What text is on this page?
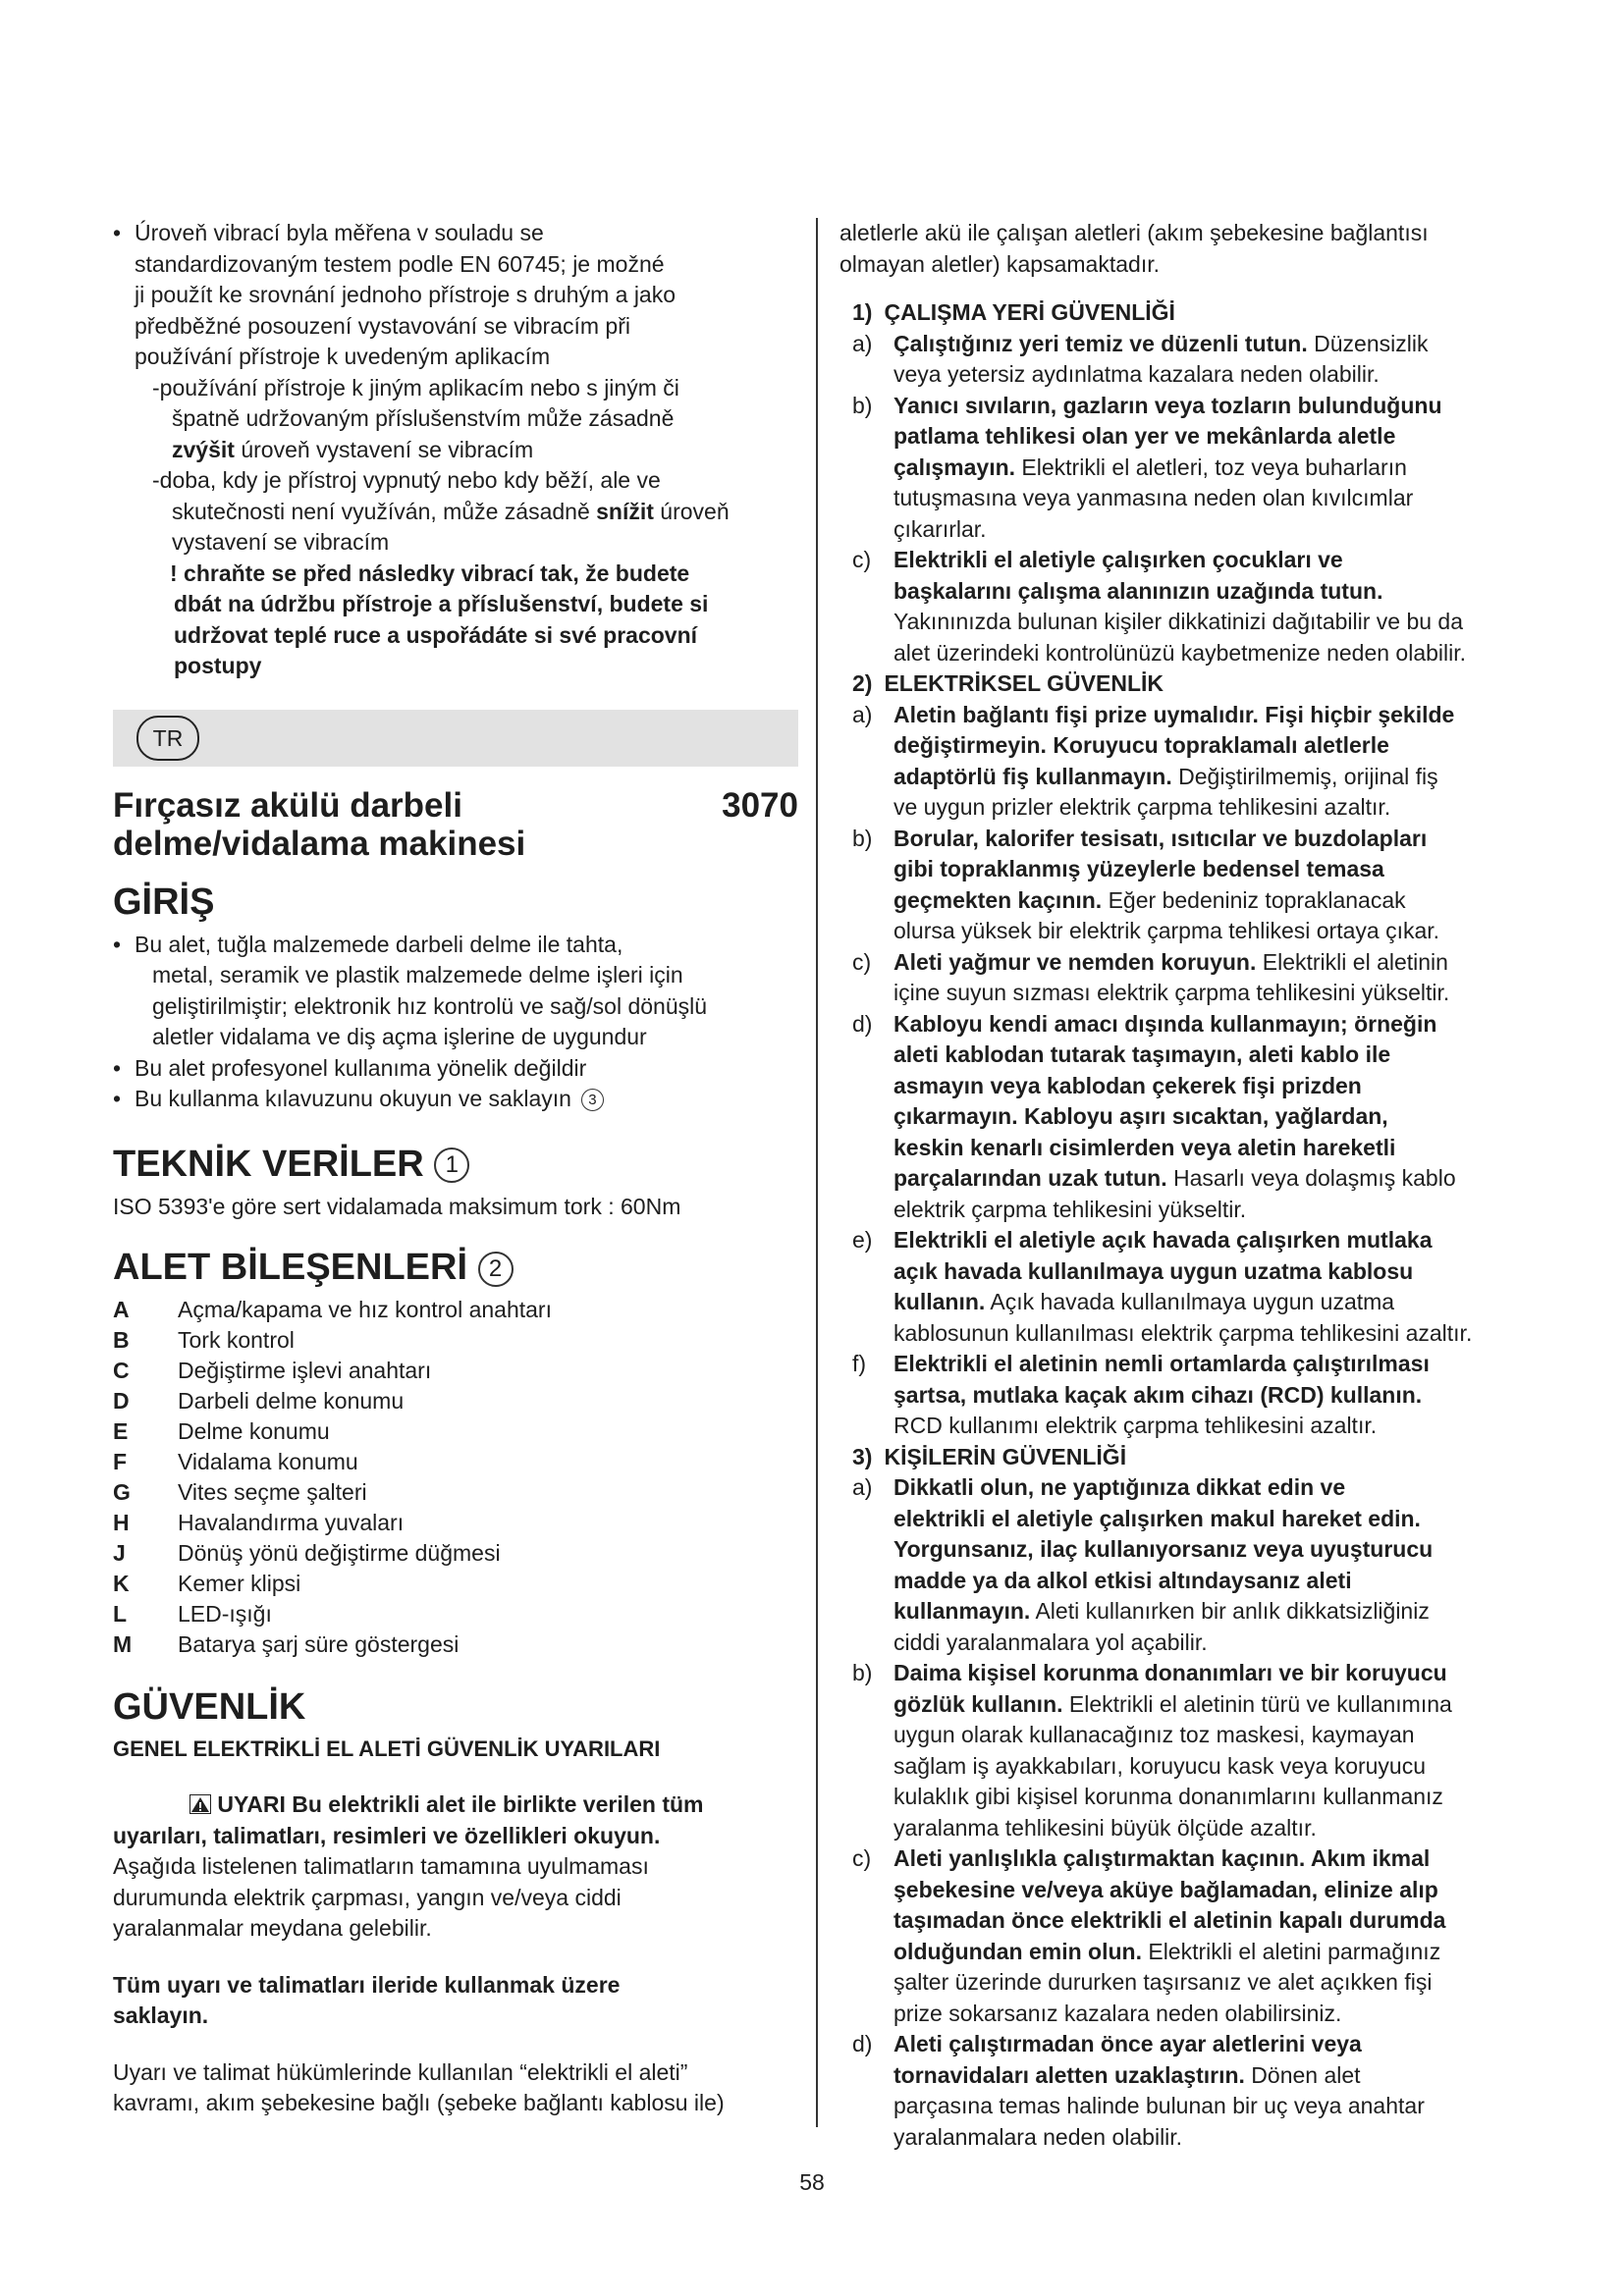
• Úroveň vibrací byla měřena v souladu se
standardizovaným testem podle EN 60745; je možné
ji použít ke srovnání jednoho přístroje s druhým a jako
předběžné posouzení vystavování se vibracím při
používání přístroje k uvedeným aplikacím
-používání přístroje k jiným aplikacím nebo s jiným či
špatně udržovaným příslušenstvím může zásadně
zvýšit úroveň vystavení se vibracím
-doba, kdy je přístroj vypnutý nebo kdy běží, ale ve
skutečnosti není využíván, může zásadně snížit úroveň
vystavení se vibracím
! chraňte se před následky vibrací tak, že budete
dbát na údržbu přístroje a příslušenství, budete si
udržovat teplé ruce a uspořádáte si své pracovní
postupy
TR
Fırçasız akülü darbeli
delme/vidalama makinesi
3070
GİRİŞ
• Bu alet, tuğla malzemede darbeli delme ile tahta,
metal, seramik ve plastik malzemede delme işleri için
geliştirilmiştir; elektronik hız kontrolü ve sağ/sol dönüşlü
aletler vidalama ve diş açma işlerine de uygundur
• Bu alet profesyonel kullanıma yönelik değildir
• Bu kullanma kılavuzunu okuyun ve saklayın 3
TEKNİK VERİLER 1
ISO 5393'e göre sert vidalamada maksimum tork : 60Nm
ALET BİLEŞENLERİ 2
A	Açma/kapama ve hız kontrol anahtarı
B	Tork kontrol
C	Değiştirme işlevi anahtarı
D	Darbeli delme konumu
E	Delme konumu
F	Vidalama konumu
G	Vites seçme şalteri
H	Havalandırma yuvaları
J	Dönüş yönü değiştirme düğmesi
K	Kemer klipsi
L	LED-ışığı
M	Batarya şarj süre göstergesi
GÜVENLİK
GENEL ELEKTRİKLİ EL ALETİ GÜVENLİK UYARILARI
UYARI Bu elektrikli alet ile birlikte verilen tüm
uyarıları, talimatları, resimleri ve özellikleri okuyun.
Aşağıda listelenen talimatların tamamına uyulmaması
durumunda elektrik çarpması, yangın ve/veya ciddi
yaralanmalar meydana gelebilir.
Tüm uyarı ve talimatları ileride kullanmak üzere
saklayın.
Uyarı ve talimat hükümlerinde kullanılan “elektrikli el aleti”
kavramı, akım şebekesine bağlı (şebeke bağlantı kablosu ile)
aletlerle akü ile çalışan aletleri (akım şebekesine bağlantısı
olmayan aletler) kapsamaktadır.
1) ÇALIŞMA YERİ GÜVENLİĞİ
a) Çalıştığınız yeri temiz ve düzenli tutun. Düzensizlik
veya yetersiz aydınlatma kazalara neden olabilir.
b) Yanıcı sıvıların, gazların veya tozların bulunduğunu
patlama tehlikesi olan yer ve mekânlarda aletle
çalışmayın. Elektrikli el aletleri, toz veya buharların
tutuşmasına veya yanmasına neden olan kıvılcımlar
çıkarırlar.
c) Elektrikli el aletiyle çalışırken çocukları ve
başkalarını çalışma alanınızın uzağında tutun.
Yakınınızda bulunan kişiler dikkatinizi dağıtabilir ve bu da
alet üzerindeki kontrolünüzü kaybetmenize neden olabilir.
2) ELEKTRİKSEL GÜVENLİK
a) Aletin bağlantı fişi prize uymalıdır. Fişi hiçbir şekilde
değiştirmeyin. Koruyucu topraklamalı aletlerle
adaptörlü fiş kullanmayın. Değiştirilmemiş, orijinal fiş
ve uygun prizler elektrik çarpma tehlikesini azaltır.
b) Borular, kalorifer tesisatı, ısıtıcılar ve buzdolapları
gibi topraklanmış yüzeylerle bedensel temasa
geçmekten kaçının. Eğer bedeniniz topraklanacak
olursa yüksek bir elektrik çarpma tehlikesi ortaya çıkar.
c) Aleti yağmur ve nemden koruyun. Elektrikli el aletinin
içine suyun sızması elektrik çarpma tehlikesini yükseltir.
d) Kabloyu kendi amacı dışında kullanmayın; örneğin
aleti kablodan tutarak taşımayın, aleti kablo ile
asmayın veya kablodan çekerek fişi prizden
çıkarmayın. Kabloyu aşırı sıcaktan, yağlardan,
keskin kenarlı cisimlerden veya aletin hareketli
parçalarından uzak tutun. Hasarlı veya dolaşmış kablo
elektrik çarpma tehlikesini yükseltir.
e) Elektrikli el aletiyle açık havada çalışırken mutlaka
açık havada kullanılmaya uygun uzatma kablosu
kullanın. Açık havada kullanılmaya uygun uzatma
kablosunun kullanılması elektrik çarpma tehlikesini azaltır.
f) Elektrikli el aletinin nemli ortamlarda çalıştırılması
şartsa, mutlaka kaçak akım cihazı (RCD) kullanın.
RCD kullanımı elektrik çarpma tehlikesini azaltır.
3) KİŞİLERİN GÜVENLİĞİ
a) Dikkatli olun, ne yaptığınıza dikkat edin ve
elektrikli el aletiyle çalışırken makul hareket edin.
Yorgunsanız, ilaç kullanıyorsanız veya uyuşturucu
madde ya da alkol etkisi altındaysanız aleti
kullanmayın. Aleti kullanırken bir anlık dikkatsizliğiniz
ciddi yaralanmalara yol açabilir.
b) Daima kişisel korunma donanımları ve bir koruyucu
gözlük kullanın. Elektrikli el aletinin türü ve kullanımına
uygun olarak kullanacağınız toz maskesi, kaymayan
sağlam iş ayakkabıları, koruyucu kask veya koruyucu
kulaklık gibi kişisel korunma donanımlarını kullanmanız
yaralanma tehlikesini büyük ölçüde azaltır.
c) Aleti yanlışlıkla çalıştırmaktan kaçının. Akım ikmal
şebekesine ve/veya aküye bağlamadan, elinize alıp
taşımadan önce elektrikli el aletinin kapalı durumda
olduğundan emin olun. Elektrikli el aletini parmağınız
şalter üzerinde dururken taşırsanız ve alet açıkken fişi
prize sokarsanız kazalara neden olabilirsiniz.
d) Aleti çalıştırmadan önce ayar aletlerini veya
tornavidaları aletten uzaklaştırın. Dönen alet
parçasına temas halinde bulunan bir uç veya anahtar
yaralanmalara neden olabilir.
58
